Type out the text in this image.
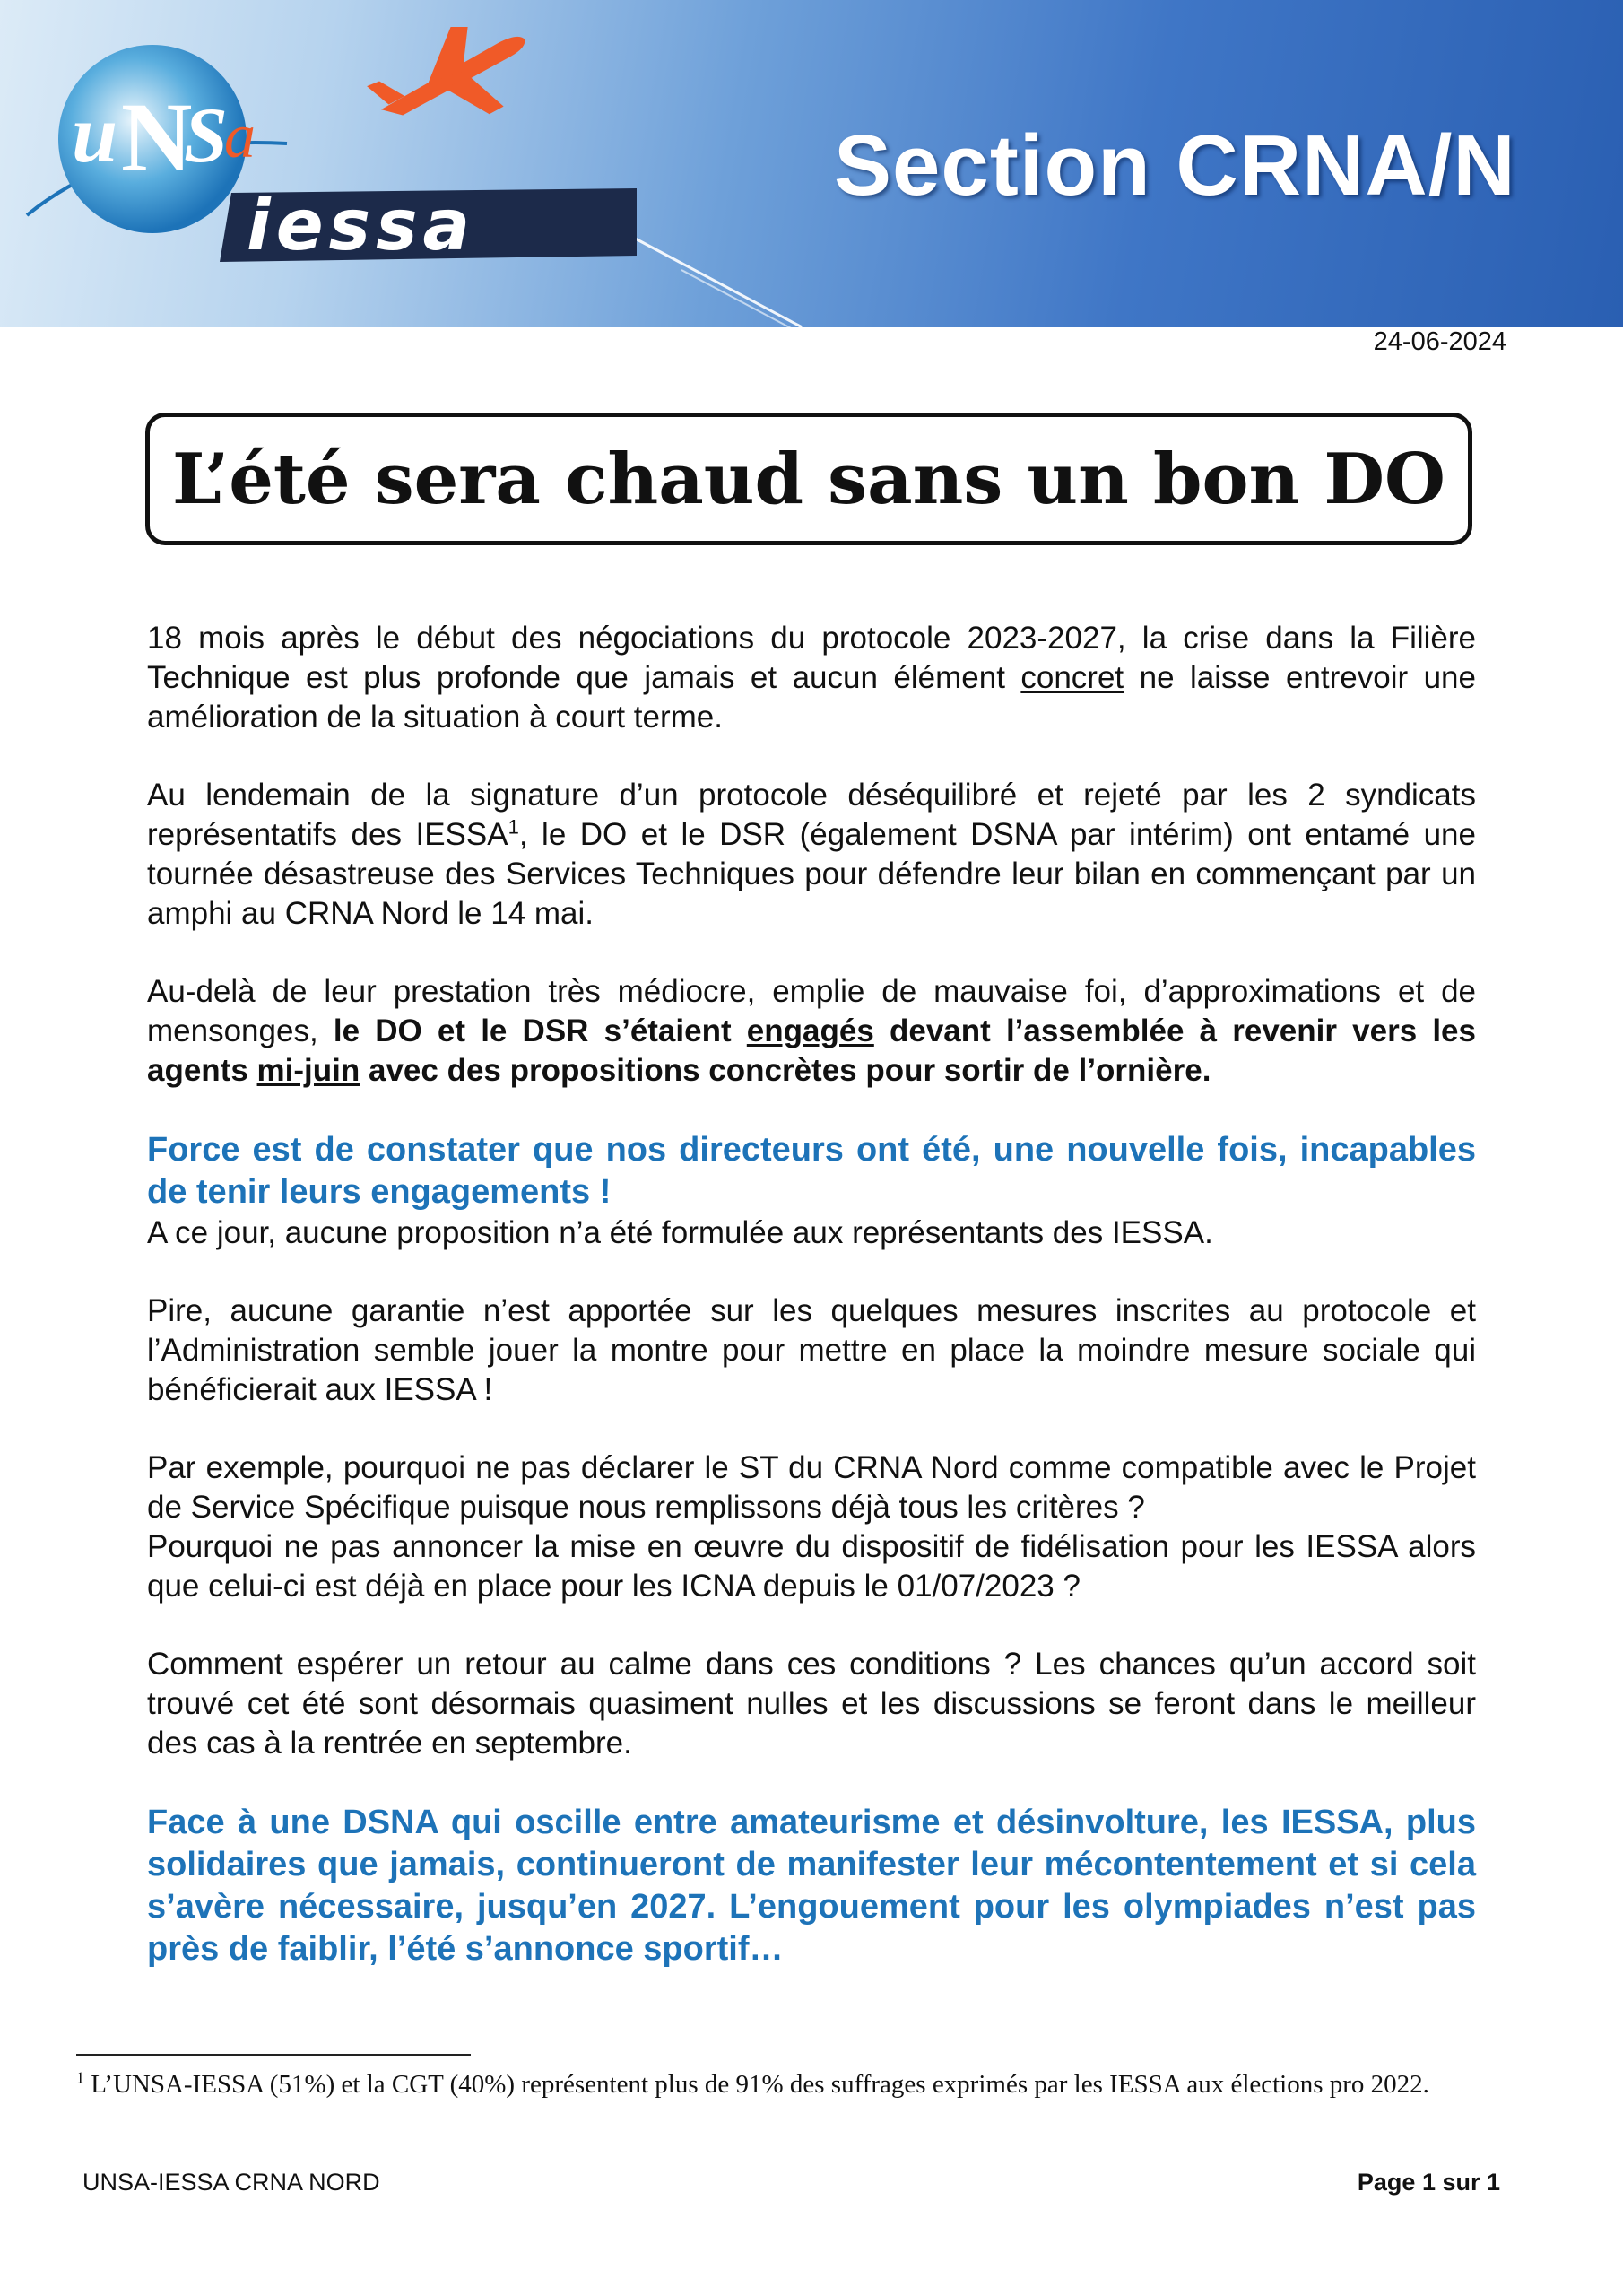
u N
S
a
iessa
Section CRNA/N
24-06-2024
L’été sera chaud sans un bon DO

18 mois après le début des négociations du protocole 2023-2027, la crise dans la Filière Technique est plus profonde que jamais et aucun élément concret ne laisse entrevoir une amélioration de la situation à court terme.

Au lendemain de la signature d’un protocole déséquilibré et rejeté par les 2 syndicats représentatifs des IESSA$^1$, le DO et le DSR (également DSNA par intérim) ont entamé une tournée désastreuse des Services Techniques pour défendre leur bilan en commençant par un amphi au CRNA Nord le 14 mai.

Au-delà de leur prestation très médiocre, emplie de mauvaise foi, d’approximations et de mensonges, le DO et le DSR s’étaient engagés devant l’assemblée à revenir vers les agents mi-juin avec des propositions concrètes pour sortir de l’ornière.

Force est de constater que nos directeurs ont été, une nouvelle fois, incapables de tenir leurs engagements !

A ce jour, aucune proposition n’a été formulée aux représentants des IESSA.

Pire, aucune garantie n’est apportée sur les quelques mesures inscrites au protocole et l’Administration semble jouer la montre pour mettre en place la moindre mesure sociale qui bénéficierait aux IESSA !

Par exemple, pourquoi ne pas déclarer le ST du CRNA Nord comme compatible avec le Projet de Service Spécifique puisque nous remplissons déjà tous les critères ?
Pourquoi ne pas annoncer la mise en œuvre du dispositif de fidélisation pour les IESSA alors que celui-ci est déjà en place pour les ICNA depuis le 01/07/2023 ?

Comment espérer un retour au calme dans ces conditions ? Les chances qu’un accord soit trouvé cet été sont désormais quasiment nulles et les discussions se feront dans le meilleur des cas à la rentrée en septembre.

Face à une DSNA qui oscille entre amateurisme et désinvolture, les IESSA, plus solidaires que jamais, continueront de manifester leur mécontentement et si cela s’avère nécessaire, jusqu’en 2027. L’engouement pour les olympiades n’est pas près de faiblir, l’été s’annonce sportif…

$^1$ L’UNSA-IESSA (51%) et la CGT (40%) représentent plus de 91% des suffrages exprimés par les IESSA aux élections pro 2022.
UNSA-IESSA CRNA NORD	Page 1 sur 1
